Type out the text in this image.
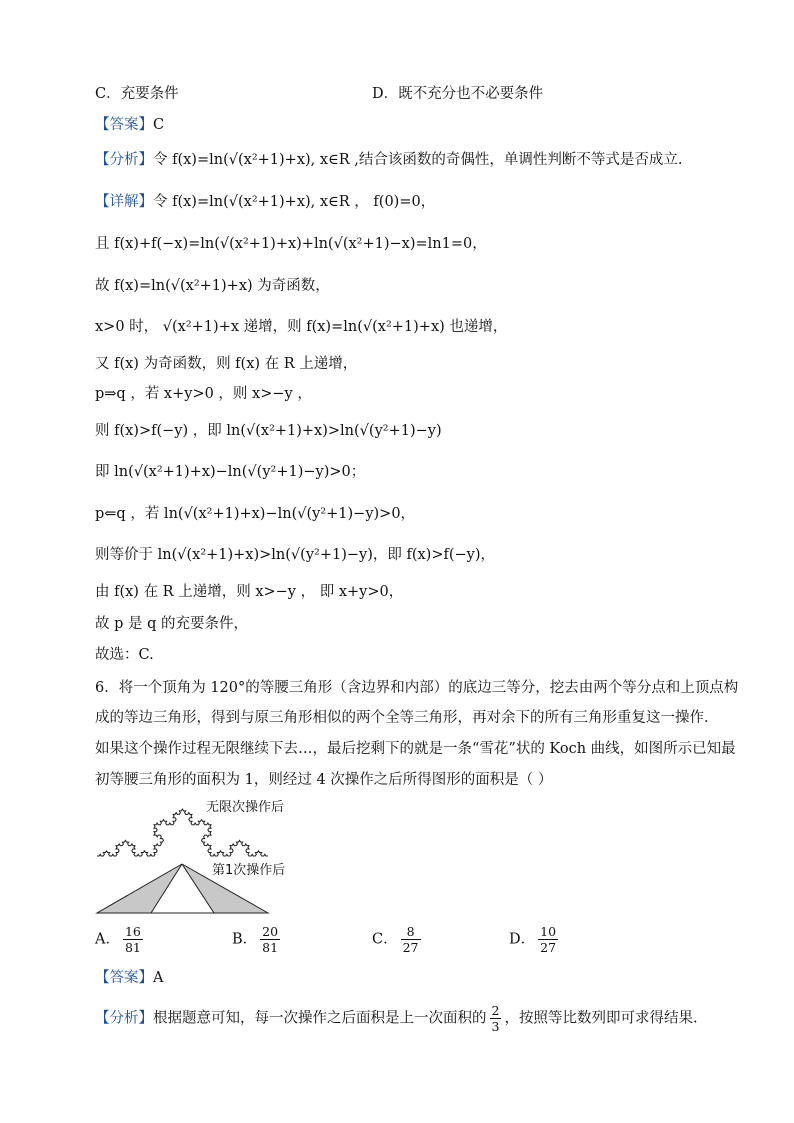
C．充要条件	D．既不充分也不必要条件
【答案】C
【分析】令 f(x)=ln(√(x²+1)+x), x∈R ,结合该函数的奇偶性，单调性判断不等式是否成立.
【详解】令 f(x)=ln(√(x²+1)+x), x∈R ， f(0)=0，
且 f(x)+f(−x)=ln(√(x²+1)+x)+ln(√(x²+1)−x)=ln1=0，
故 f(x)=ln(√(x²+1)+x) 为奇函数，
x>0 时， √(x²+1)+x 递增，则 f(x)=ln(√(x²+1)+x) 也递增，
又 f(x) 为奇函数，则 f(x) 在 R 上递增，
p⇒q ，若 x+y>0 ，则 x>−y ，
则 f(x)>f(−y) ，即 ln(√(x²+1)+x)>ln(√(y²+1)−y)
即 ln(√(x²+1)+x)−ln(√(y²+1)−y)>0；
p⇐q ，若 ln(√(x²+1)+x)−ln(√(y²+1)−y)>0，
则等价于 ln(√(x²+1)+x)>ln(√(y²+1)−y)，即 f(x)>f(−y)，
由 f(x) 在 R 上递增，则 x>−y ， 即 x+y>0，
故 p 是 q 的充要条件，
故选：C.
6．将一个顶角为 120°的等腰三角形（含边界和内部）的底边三等分，挖去由两个等分点和上顶点构
成的等边三角形，得到与原三角形相似的两个全等三角形，再对余下的所有三角形重复这一操作．
如果这个操作过程无限继续下去…，最后挖剩下的就是一条“雪花”状的 Koch 曲线，如图所示已知最
初等腰三角形的面积为 1，则经过 4 次操作之后所得图形的面积是（ ）
无限次操作后
第1次操作后
A． $\frac{16}{81}$	B． $\frac{20}{81}$	C． $\frac{8}{27}$	D． $\frac{10}{27}$
【答案】A
【分析】根据题意可知，每一次操作之后面积是上一次面积的 $\frac{2}{3}$ ，按照等比数列即可求得结果.
